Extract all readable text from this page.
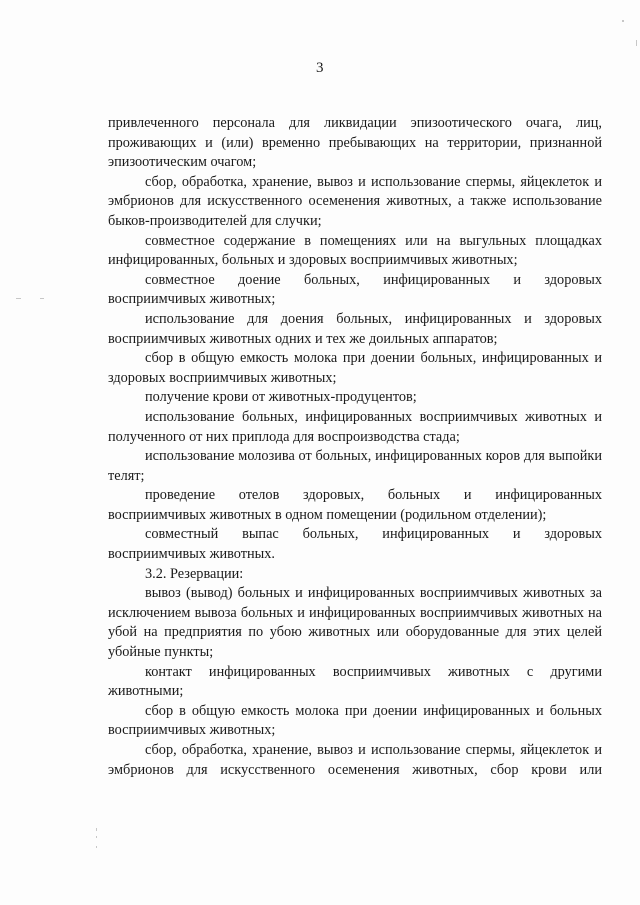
3

привлеченного персонала для ликвидации эпизоотического очага, лиц, проживающих и (или) временно пребывающих на территории, признанной эпизоотическим очагом;

сбор, обработка, хранение, вывоз и использование спермы, яйцеклеток и эмбрионов для искусственного осеменения животных, а также использование быков-производителей для случки;

совместное содержание в помещениях или на выгульных площадках инфицированных, больных и здоровых восприимчивых животных;

совместное доение больных, инфицированных и здоровых восприимчивых животных;

использование для доения больных, инфицированных и здоровых восприимчивых животных одних и тех же доильных аппаратов;

сбор в общую емкость молока при доении больных, инфицированных и здоровых восприимчивых животных;

получение крови от животных-продуцентов;

использование больных, инфицированных восприимчивых животных и полученного от них приплода для воспроизводства стада;

использование молозива от больных, инфицированных коров для выпойки телят;

проведение отелов здоровых, больных и инфицированных восприимчивых животных в одном помещении (родильном отделении);

совместный выпас больных, инфицированных и здоровых восприимчивых животных.

3.2. Резервации:

вывоз (вывод) больных и инфицированных восприимчивых животных за исключением вывоза больных и инфицированных восприимчивых животных на убой на предприятия по убою животных или оборудованные для этих целей убойные пункты;

контакт инфицированных восприимчивых животных с другими животными;

сбор в общую емкость молока при доении инфицированных и больных восприимчивых животных;

сбор, обработка, хранение, вывоз и использование спермы, яйцеклеток и эмбрионов для искусственного осеменения животных, сбор крови или
